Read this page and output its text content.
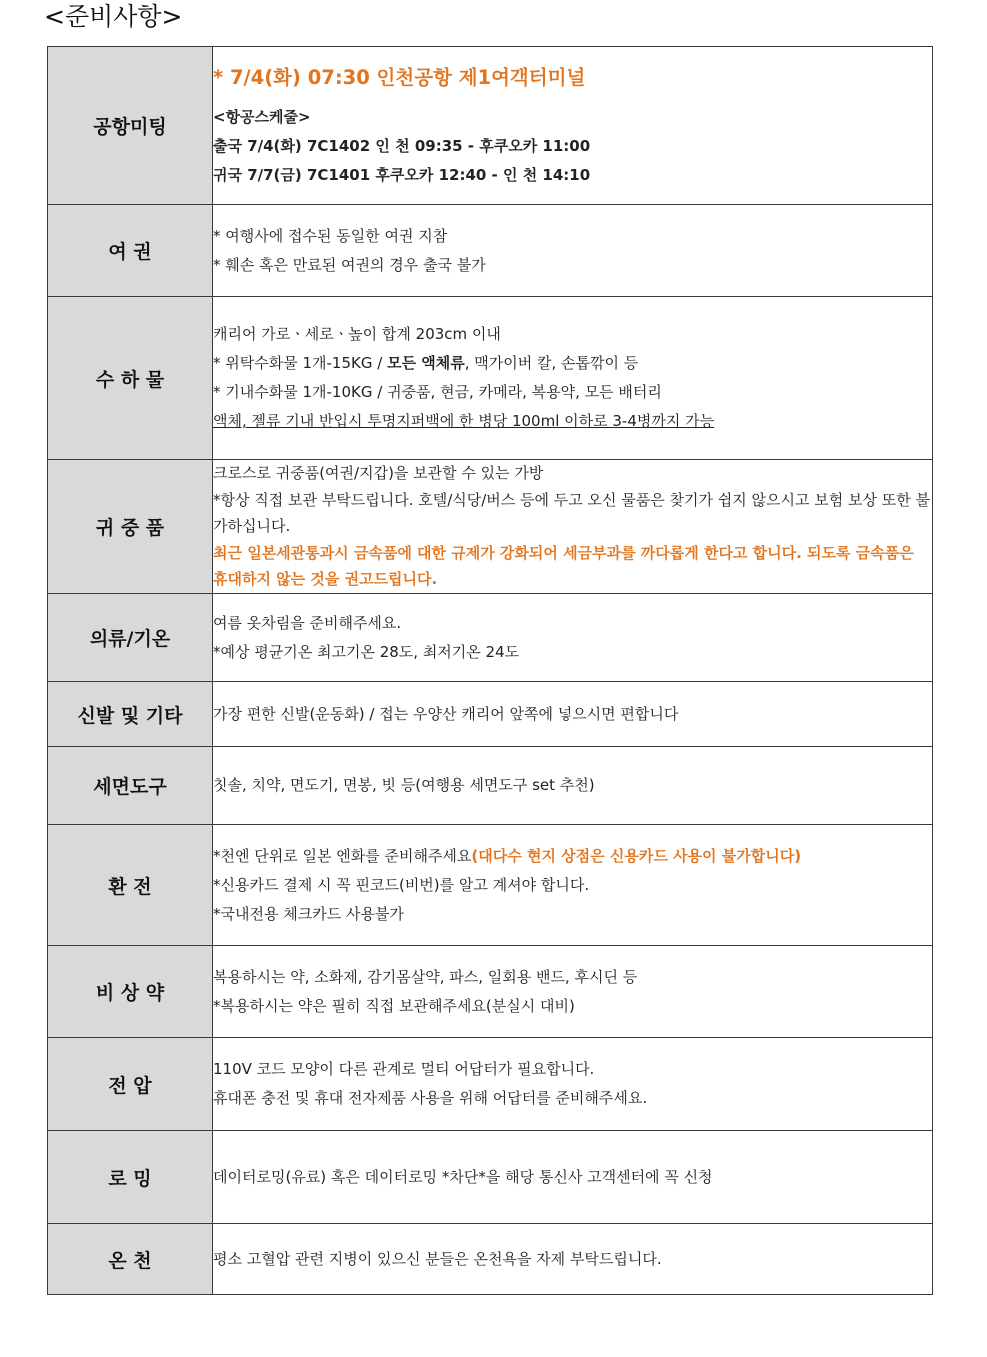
<준비사항>
공항미팅	* 7/4(화) 07:30 인천공항 제1여객터미널
<항공스케줄>
출국 7/4(화) 7C1402 인 천 09:35 - 후쿠오카 11:00
귀국 7/7(금) 7C1401 후쿠오카 12:40 - 인 천 14:10

여 권	* 여행사에 접수된 동일한 여권 지참
* 훼손 혹은 만료된 여권의 경우 출국 불가

수 하 물	캐리어 가로ㆍ세로ㆍ높이 합계 203cm 이내
* 위탁수화물 1개-15KG / 모든 액체류, 맥가이버 칼, 손톱깎이 등
* 기내수화물 1개-10KG / 귀중품, 현금, 카메라, 복용약, 모든 배터리
액체, 젤류 기내 반입시 투명지퍼백에 한 병당 100ml 이하로 3-4병까지 가능

귀 중 품	크로스로 귀중품(여권/지갑)을 보관할 수 있는 가방
*항상 직접 보관 부탁드립니다. 호텔/식당/버스 등에 두고 오신 물품은 찾기가 쉽지 않으시고 보험 보상 또한 불가하십니다.
최근 일본세관통과시 금속품에 대한 규제가 강화되어 세금부과를 까다롭게 한다고 합니다. 되도록 금속품은 휴대하지 않는 것을 권고드립니다.

의류/기온	여름 옷차림을 준비해주세요.
*예상 평균기온 최고기온 28도, 최저기온 24도

신발 및 기타	가장 편한 신발(운동화) / 접는 우양산 캐리어 앞쪽에 넣으시면 편합니다

세면도구	칫솔, 치약, 면도기, 면봉, 빗 등(여행용 세면도구 set 추천)

환 전	*천엔 단위로 일본 엔화를 준비해주세요(대다수 현지 상점은 신용카드 사용이 불가합니다)
*신용카드 결제 시 꼭 핀코드(비번)를 알고 계셔야 합니다.
*국내전용 체크카드 사용불가

비 상 약	복용하시는 약, 소화제, 감기몸살약, 파스, 일회용 밴드, 후시딘 등
*복용하시는 약은 필히 직접 보관해주세요(분실시 대비)

전 압	110V 코드 모양이 다른 관계로 멀티 어답터가 필요합니다.
휴대폰 충전 및 휴대 전자제품 사용을 위해 어답터를 준비해주세요.

로 밍	데이터로밍(유료) 혹은 데이터로밍 *차단*을 해당 통신사 고객센터에 꼭 신청

온 천	평소 고혈압 관련 지병이 있으신 분들은 온천욕을 자제 부탁드립니다.
